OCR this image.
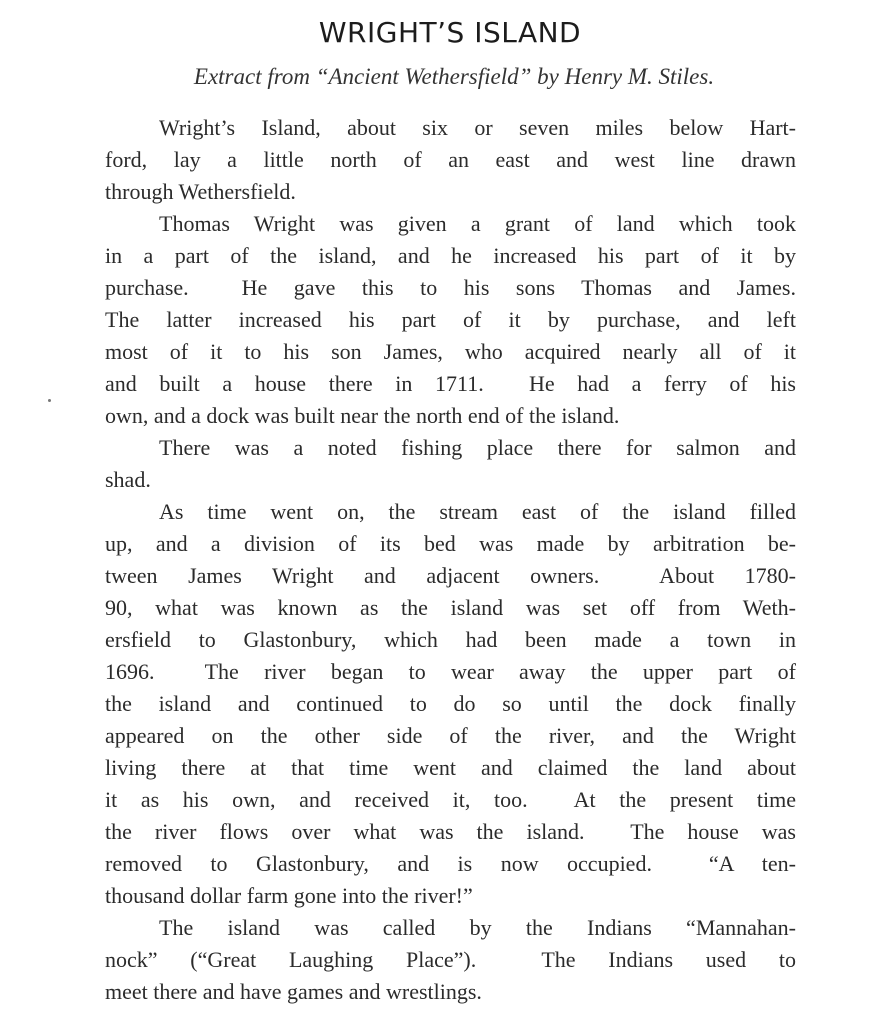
WRIGHT’S ISLAND

Extract from “Ancient Wethersfield” by Henry M. Stiles.

Wright’s Island, about six or seven miles below Hart-
ford, lay a little north of an east and west line drawn
through Wethersfield.

Thomas Wright was given a grant of land which took
in a part of the island, and he increased his part of it by
purchase.  He gave this to his sons Thomas and James.
The latter increased his part of it by purchase, and left
most of it to his son James, who acquired nearly all of it
and built a house there in 1711.  He had a ferry of his
own, and a dock was built near the north end of the island.

There was a noted fishing place there for salmon and
shad.

As time went on, the stream east of the island filled
up, and a division of its bed was made by arbitration be-
tween James Wright and adjacent owners.  About 1780-
90, what was known as the island was set off from Weth-
ersfield to Glastonbury, which had been made a town in
1696.  The river began to wear away the upper part of
the island and continued to do so until the dock finally
appeared on the other side of the river, and the Wright
living there at that time went and claimed the land about
it as his own, and received it, too.  At the present time
the river flows over what was the island.  The house was
removed to Glastonbury, and is now occupied.  “A ten-
thousand dollar farm gone into the river!”

The island was called by the Indians “Mannahan-
nock” (“Great Laughing Place”).  The Indians used to
meet there and have games and wrestlings.
